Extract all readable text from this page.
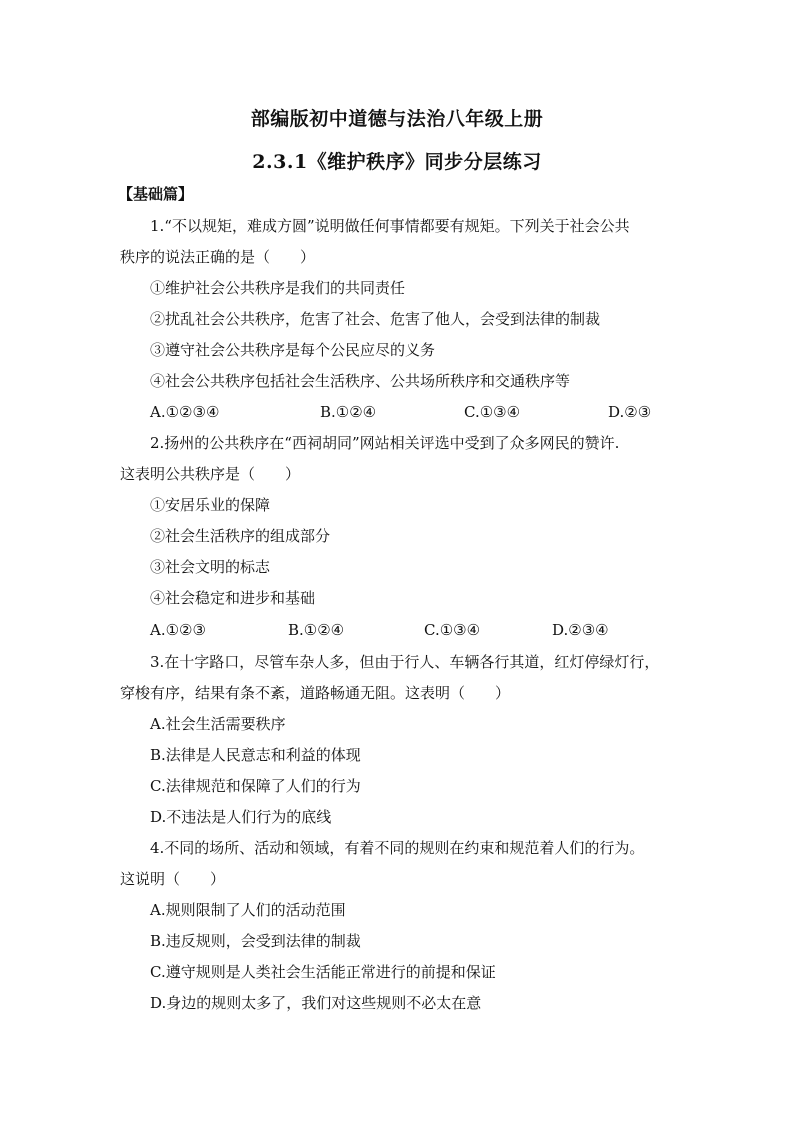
部编版初中道德与法治八年级上册
2.3.1《维护秩序》同步分层练习
【基础篇】
1.“不以规矩，难成方圆”说明做任何事情都要有规矩。下列关于社会公共
秩序的说法正确的是（　　）
①维护社会公共秩序是我们的共同责任
②扰乱社会公共秩序，危害了社会、危害了他人，会受到法律的制裁
③遵守社会公共秩序是每个公民应尽的义务
④社会公共秩序包括社会生活秩序、公共场所秩序和交通秩序等
A.①②③④	B.①②④	C.①③④	D.②③
2.扬州的公共秩序在“西祠胡同”网站相关评选中受到了众多网民的赞许.
这表明公共秩序是（　　）
①安居乐业的保障
②社会生活秩序的组成部分
③社会文明的标志
④社会稳定和进步和基础
A.①②③	B.①②④	C.①③④	D.②③④
3.在十字路口，尽管车杂人多，但由于行人、车辆各行其道，红灯停绿灯行，
穿梭有序，结果有条不紊，道路畅通无阻。这表明（　　）
A.社会生活需要秩序
B.法律是人民意志和利益的体现
C.法律规范和保障了人们的行为
D.不违法是人们行为的底线
4.不同的场所、活动和领域，有着不同的规则在约束和规范着人们的行为。
这说明（　　）
A.规则限制了人们的活动范围
B.违反规则，会受到法律的制裁
C.遵守规则是人类社会生活能正常进行的前提和保证
D.身边的规则太多了，我们对这些规则不必太在意
